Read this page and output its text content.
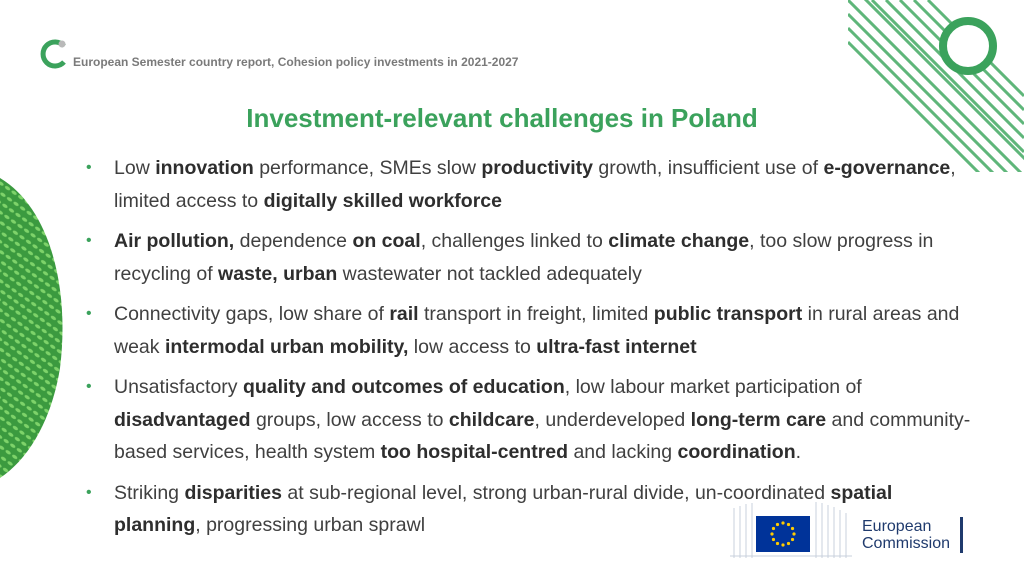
European Semester country report, Cohesion policy investments in 2021-2027
Investment-relevant challenges in Poland
• Low innovation performance, SMEs slow productivity growth, insufficient use of e-governance, limited access to digitally skilled workforce
• Air pollution, dependence on coal, challenges linked to climate change, too slow progress in recycling of waste, urban wastewater not tackled adequately
• Connectivity gaps, low share of rail transport in freight, limited public transport in rural areas and weak intermodal urban mobility, low access to ultra-fast internet
• Unsatisfactory quality and outcomes of education, low labour market participation of disadvantaged groups, low access to childcare, underdeveloped long-term care and community-based services, health system too hospital-centred and lacking coordination.
• Striking disparities at sub-regional level, strong urban-rural divide, un-coordinated spatial planning, progressing urban sprawl	European
Commission
